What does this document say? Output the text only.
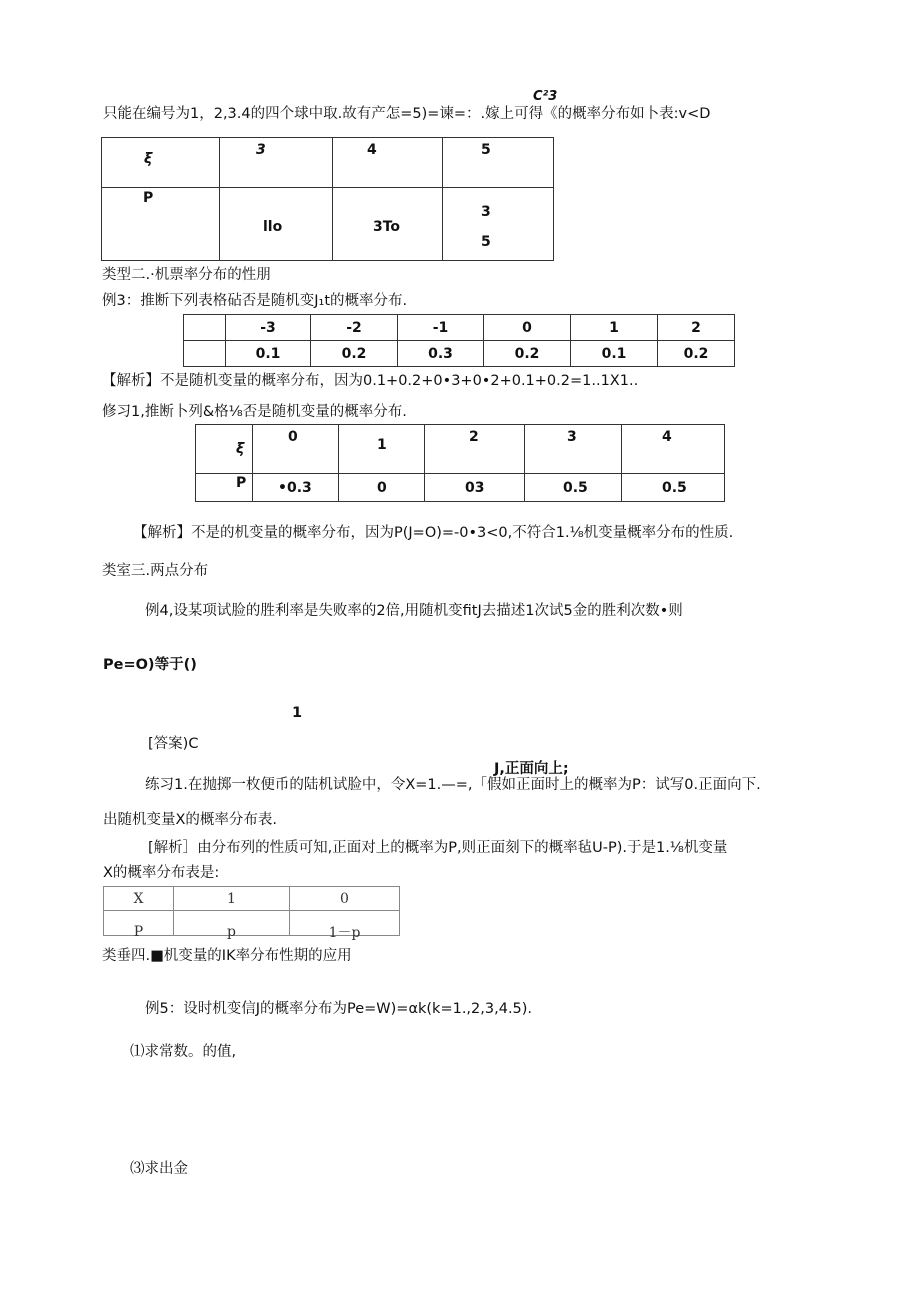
只能在编号为1，2,3.4的四个球中取.故有产怎=5)=谏=：.嫁上可得《的概率分布如卜表:v<D
C²3
ξ	3	4	5

P	llo	3To	3
5
类型二.·机票率分布的性朋
例3：推断下列表格砧否是随机变J₁t的概率分布.
	-3	-2	-1	0	1	2
	0.1	0.2	0.3	0.2	0.1	0.2
【解析】不是随机变量的概率分布，因为0.1+0.2+0•3+0•2+0.1+0.2=1..1X1..
修习1,推断卜列&格⅛否是随机变量的概率分布.
ξ	0	1	2	3	4

P	•0.3	0	03	0.5	0.5
【解析】不是的机变量的概率分布，因为P(J=O)=-0•3<0,不符合1.⅛机变量概率分布的性质.
类室三.两点分布
例4,设某项试脸的胜利率是失败率的2倍,用随机变fitJ去描述1次试5金的胜利次数•则
Pe=O)等于()
1
[答案)C
J,正面向上;
练习1.在抛掷一枚便币的陆机试脸中，令X=1.—=,「假如正面时上的概率为P：试写0.正面向下.
出随机变量X的概率分布表.
[解析］由分布列的性质可知,正面对上的概率为P,则正面刻下的概率毡U-P).于是1.⅛机变量
X的概率分布表是:
X	1	0
P	p	1－p
类垂四.■机变量的IK率分布性期的应用
例5：设时机变信J的概率分布为Pe=W)=αk(k=1.,2,3,4.5).
⑴求常数。的值,
⑶求出金
